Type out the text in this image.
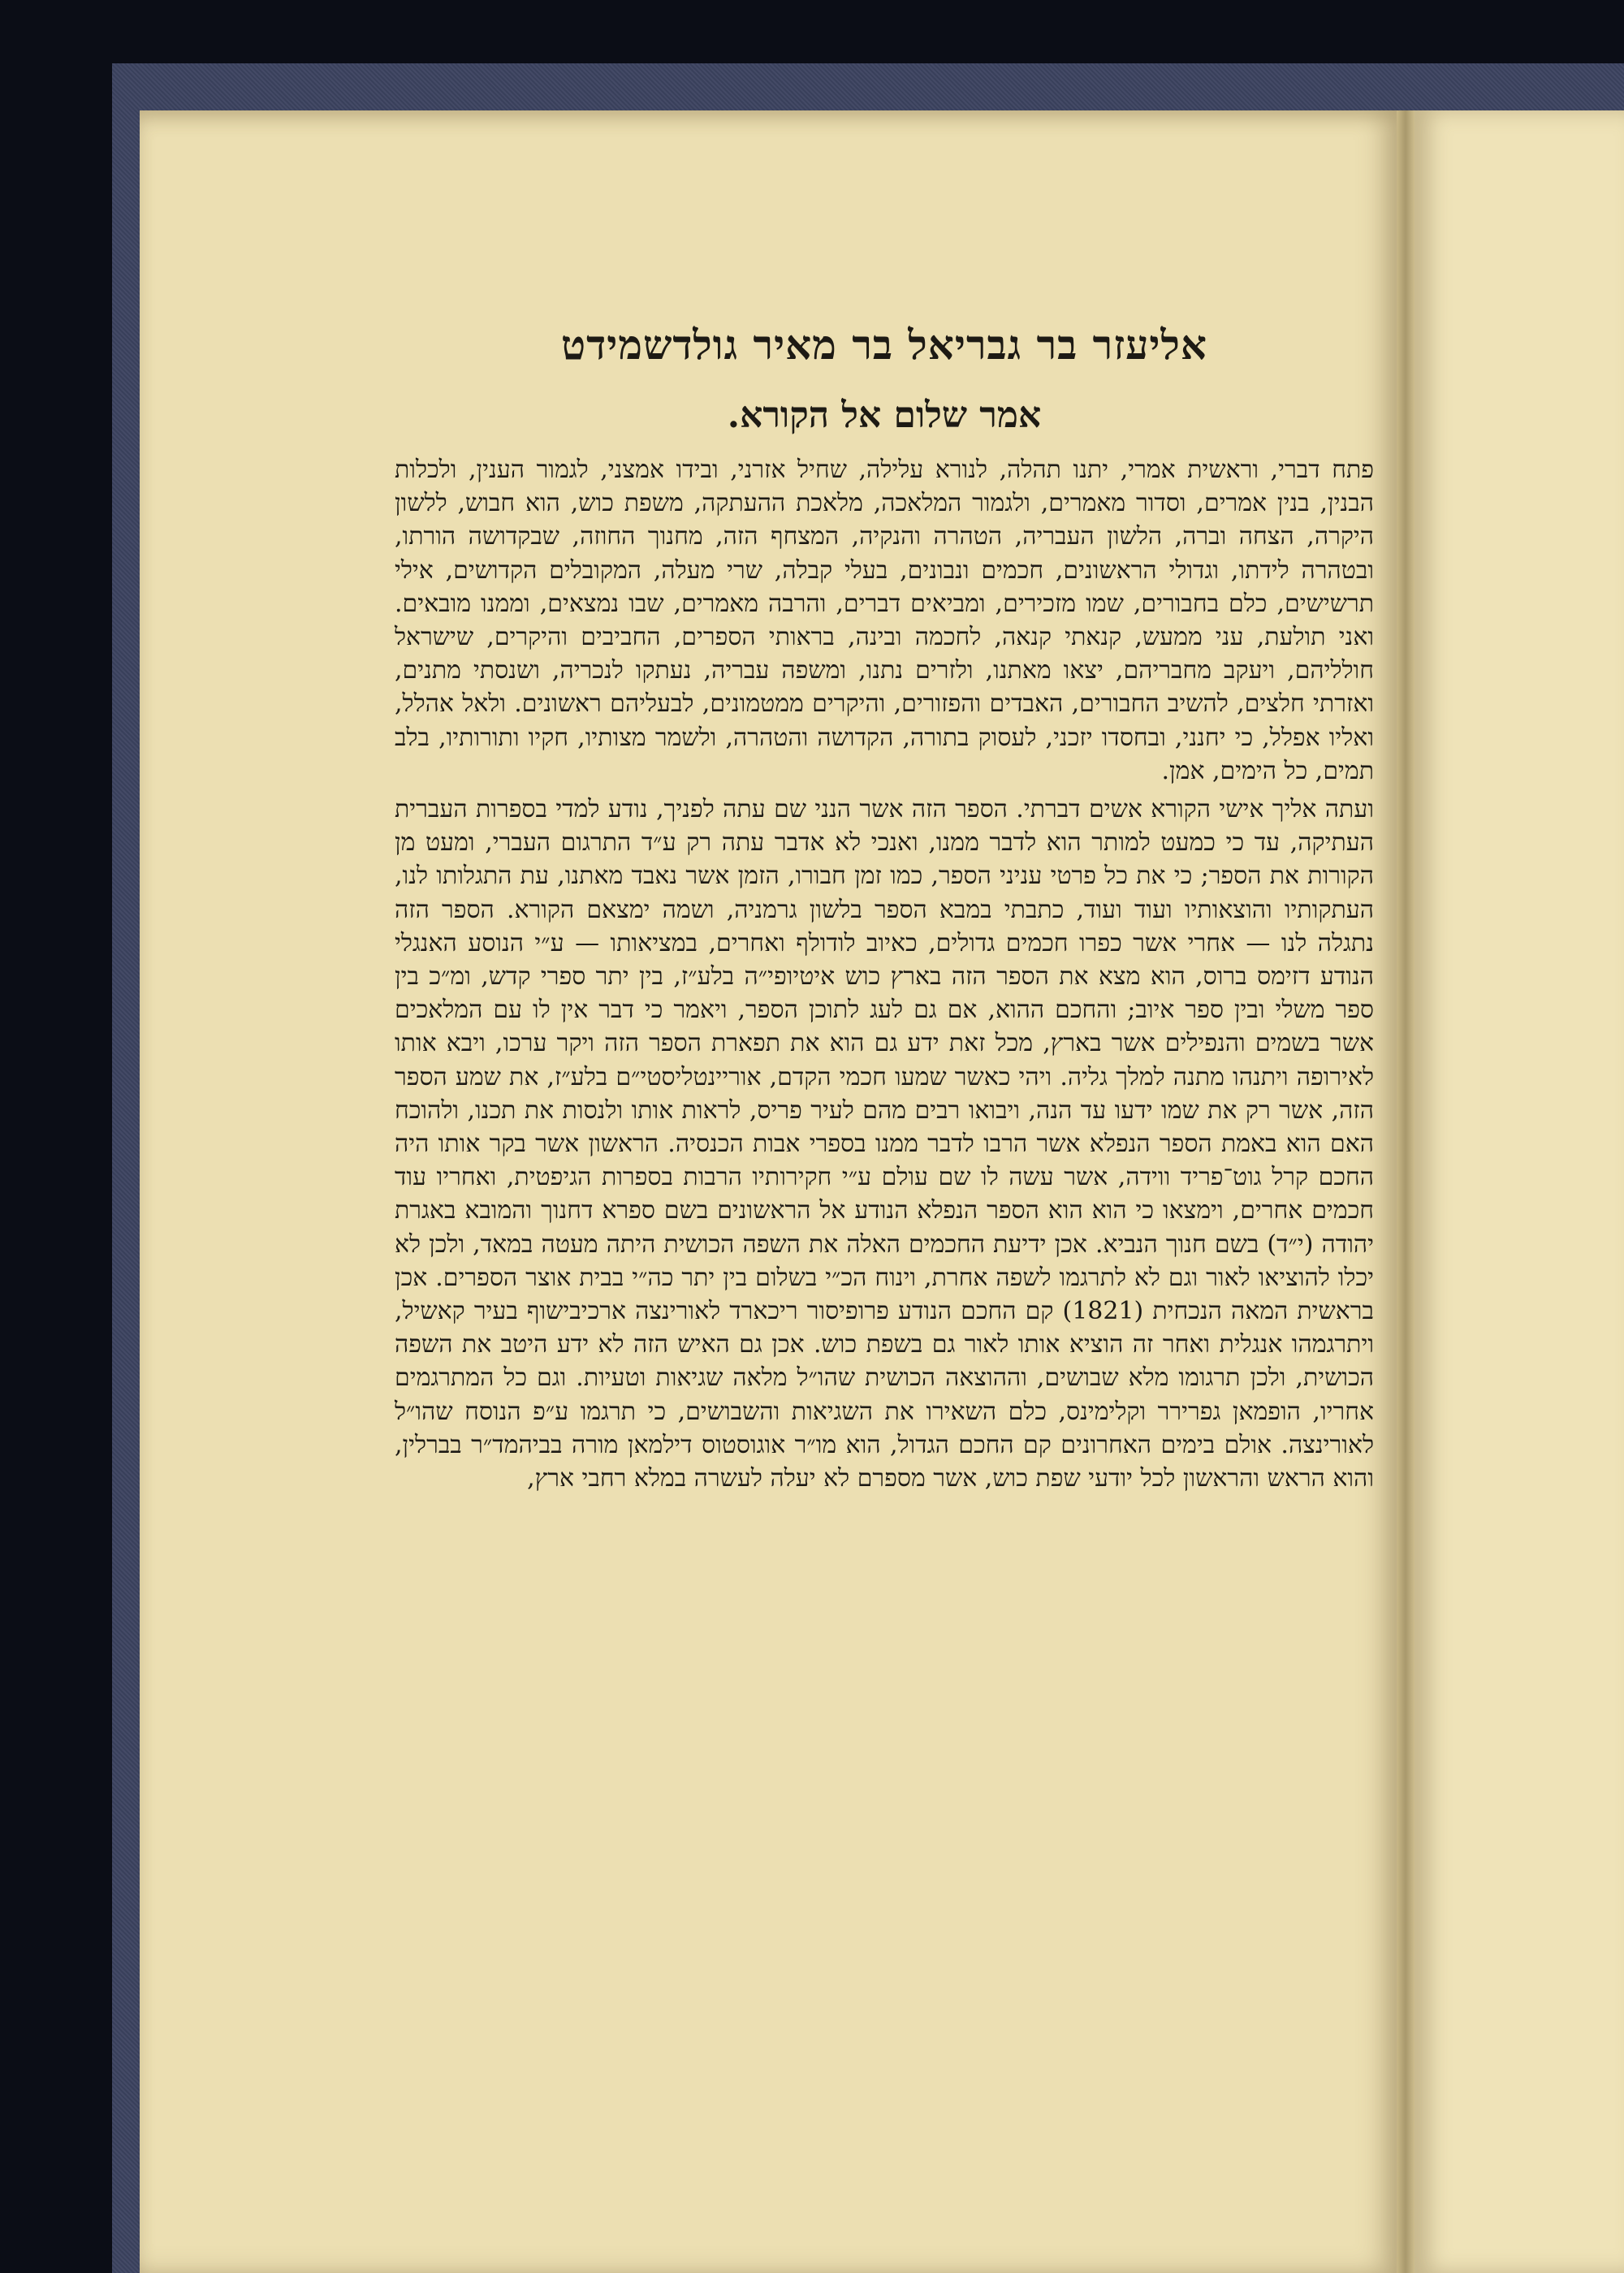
אליעזר בר גבריאל בר מאיר גולדשמידט
אמר שלום אל הקורא.

פתח דברי, וראשית אמרי, יתנו תהלה, לנורא עלילה, שחיל אזרני, ובידו אמצני, לגמור הענין, ולכלות הבנין, בנין אמרים, וסדור מאמרים, ולגמור המלאכה, מלאכת ההעתקה, משפת כוש, הוא חבוש, ללשון היקרה, הצחה וברה, הלשון העבריה, הטהרה והנקיה, המצחף הזה, מחנוך החוזה, שבקדושה הורתו, ובטהרה לידתו, וגדולי הראשונים, חכמים ונבונים, בעלי קבלה, שרי מעלה, המקובלים הקדושים, אילי תרשישים, כלם בחבורים, שמו מזכירים, ומביאים דברים, והרבה מאמרים, שבו נמצאים, וממנו מובאים. ואני תולעת, עני ממעש, קנאתי קנאה, לחכמה ובינה, בראותי הספרים, החביבים והיקרים, שישראל חולליהם, ויעקב מחבריהם, יצאו מאתנו, ולזרים נתנו, ומשפה עבריה, נעתקו לנכריה, ושנסתי מתנים, ואזרתי חלצים, להשיב החבורים, האבדים והפזורים, והיקרים ממטמונים, לבעליהם ראשונים. ולאל אהלל, ואליו אפלל, כי יחנני, ובחסדו יזכני, לעסוק בתורה, הקדושה והטהרה, ולשמר מצותיו, חקיו ותורותיו, בלב תמים, כל הימים, אמן.

ועתה אליך אישי הקורא אשים דברתי. הספר הזה אשר הנני שם עתה לפניך, נודע למדי בספרות העברית העתיקה, עד כי כמעט למותר הוא לדבר ממנו, ואנכי לא אדבר עתה רק ע״ד התרגום העברי, ומעט מן הקורות את הספר; כי את כל פרטי עניני הספר, כמו זמן חבורו, הזמן אשר נאבד מאתנו, עת התגלותו לנו, העתקותיו והוצאותיו ועוד ועוד, כתבתי במבא הספר בלשון גרמניה, ושמה ימצאם הקורא. הספר הזה נתגלה לנו — אחרי אשר כפרו חכמים גדולים, כאיוב לודולף ואחרים, במציאותו — ע״י הנוסע האנגלי הנודע דזימס ברוס, הוא מצא את הספר הזה בארץ כוש איטיופי״ה בלע״ז, בין יתר ספרי קדש, ומ״כ בין ספר משלי ובין ספר איוב; והחכם ההוא, אם גם לעג לתוכן הספר, ויאמר כי דבר אין לו עם המלאכים אשר בשמים והנפילים אשר בארץ, מכל זאת ידע גם הוא את תפארת הספר הזה ויקר ערכו, ויבא אותו לאירופה ויתנהו מתנה למלך גליה. ויהי כאשר שמעו חכמי הקדם, אוריינטליסטי״ם בלע״ז, את שמע הספר הזה, אשר רק את שמו ידעו עד הנה, ויבואו רבים מהם לעיר פריס, לראות אותו ולנסות את תכנו, ולהוכח האם הוא באמת הספר הנפלא אשר הרבו לדבר ממנו בספרי אבות הכנסיה. הראשון אשר בקר אותו היה החכם קרל גוט־פריד ווידה, אשר עשה לו שם עולם ע״י חקירותיו הרבות בספרות הגיפטית, ואחריו עוד חכמים אחרים, וימצאו כי הוא הוא הספר הנפלא הנודע אל הראשונים בשם ספרא דחנוך והמובא באגרת יהודה (י״ד) בשם חנוך הנביא. אכן ידיעת החכמים האלה את השפה הכושית היתה מעטה במאד, ולכן לא יכלו להוציאו לאור וגם לא לתרגמו לשפה אחרת, וינוח הכ״י בשלום בין יתר כה״י בבית אוצר הספרים. אכן בראשית המאה הנכחית (1821) קם החכם הנודע פרופיסור ריכארד לאורינצה ארכיבישוף בעיר קאשיל, ויתרגמהו אנגלית ואחר זה הוציא אותו לאור גם בשפת כוש. אכן גם האיש הזה לא ידע היטב את השפה הכושית, ולכן תרגומו מלא שבושים, וההוצאה הכושית שהו״ל מלאה שגיאות וטעיות. וגם כל המתרגמים אחריו, הופמאן גפרירר וקלימינס, כלם השאירו את השגיאות והשבושים, כי תרגמו ע״פ הנוסח שהו״ל לאורינצה. אולם בימים האחרונים קם החכם הגדול, הוא מו״ר אוגוסטוס דילמאן מורה בביהמד״ר בברלין, והוא הראש והראשון לכל יודעי שפת כוש, אשר מספרם לא יעלה לעשרה במלא רחבי ארץ,
